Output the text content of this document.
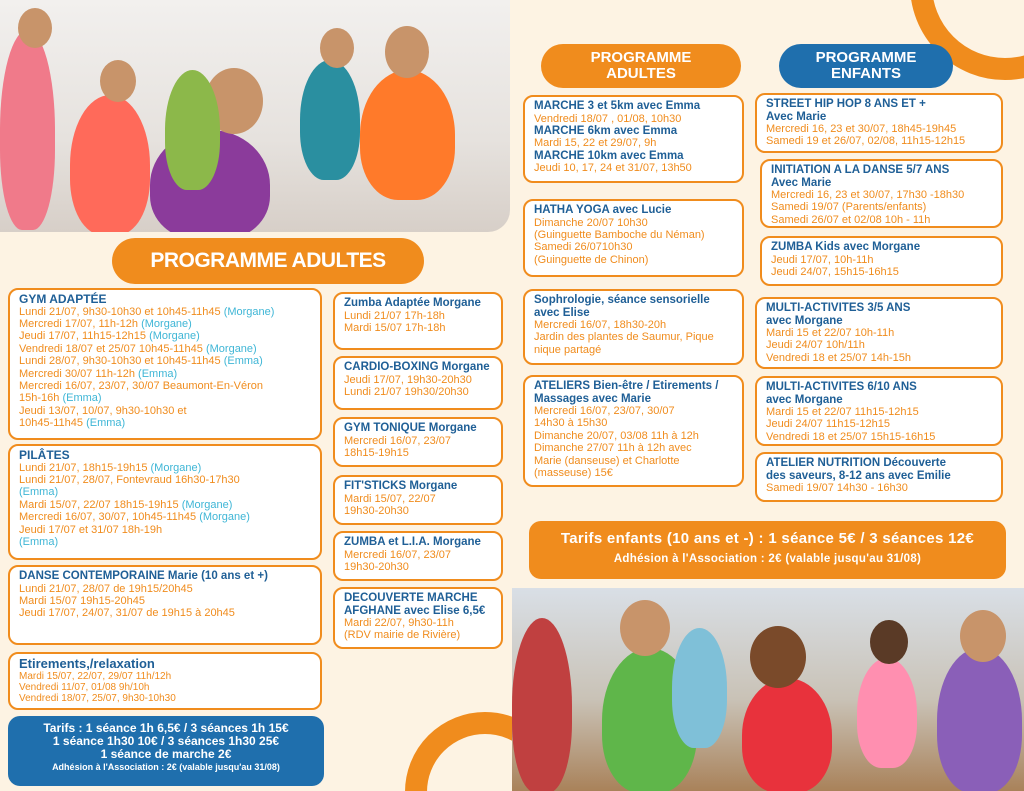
PROGRAMME ADULTES
PROGRAMME
ADULTES
PROGRAMME
ENFANTS
GYM ADAPTÉE
Lundi 21/07, 9h30-10h30 et 10h45-11h45 (Morgane)
Mercredi 17/07, 11h-12h (Morgane)
Jeudi 17/07, 11h15-12h15 (Morgane)
Vendredi 18/07 et 25/07 10h45-11h45 (Morgane)
Lundi 28/07, 9h30-10h30 et 10h45-11h45 (Emma)
Mercredi 30/07 11h-12h (Emma)
Mercredi 16/07, 23/07, 30/07 Beaumont-En-Véron
15h-16h (Emma)
Jeudi 13/07, 10/07, 9h30-10h30 et
10h45-11h45 (Emma)
PILÂTES
Lundi 21/07, 18h15-19h15 (Morgane)
Lundi 21/07, 28/07, Fontevraud 16h30-17h30
(Emma)
Mardi 15/07, 22/07 18h15-19h15 (Morgane)
Mercredi 16/07, 30/07, 10h45-11h45 (Morgane)
Jeudi 17/07 et 31/07 18h-19h
(Emma)
DANSE CONTEMPORAINE Marie (10 ans et +)
Lundi 21/07, 28/07 de 19h15/20h45
Mardi 15/07 19h15-20h45
Jeudi 17/07, 24/07, 31/07 de 19h15 à 20h45
Etirements,/relaxation
Mardi 15/07, 22/07, 29/07 11h/12h
Vendredi 11/07, 01/08 9h/10h
Vendredi 18/07, 25/07, 9h30-10h30
Tarifs : 1 séance 1h 6,5€ / 3 séances 1h 15€
1 séance 1h30 10€ / 3 séances 1h30 25€
1 séance de marche 2€
Adhésion à l'Association : 2€ (valable jusqu'au 31/08)
Zumba Adaptée Morgane
Lundi 21/07 17h-18h
Mardi 15/07 17h-18h
CARDIO-BOXING Morgane
Jeudi 17/07, 19h30-20h30
Lundi 21/07 19h30/20h30
GYM TONIQUE Morgane
Mercredi 16/07, 23/07
18h15-19h15
FIT'STICKS Morgane
Mardi 15/07, 22/07
19h30-20h30
ZUMBA et L.I.A. Morgane
Mercredi 16/07, 23/07
19h30-20h30
DECOUVERTE MARCHE
AFGHANE avec Elise 6,5€
Mardi 22/07, 9h30-11h
(RDV mairie de Rivière)
MARCHE 3 et 5km avec Emma
Vendredi 18/07 , 01/08, 10h30
MARCHE 6km avec Emma
Mardi 15, 22 et 29/07, 9h
MARCHE 10km avec Emma
Jeudi 10, 17, 24 et 31/07, 13h50
HATHA YOGA avec Lucie
Dimanche 20/07 10h30
(Guinguette Bamboche du Néman)
Samedi 26/0710h30
(Guinguette de Chinon)
Sophrologie, séance sensorielle
avec Elise
Mercredi 16/07, 18h30-20h
Jardin des plantes de Saumur, Pique
nique partagé
ATELIERS Bien-être / Etirements /
Massages avec Marie
Mercredi 16/07, 23/07, 30/07
14h30 à 15h30
Dimanche 20/07, 03/08 11h à 12h
Dimanche 27/07 11h à 12h avec
Marie (danseuse) et Charlotte
(masseuse) 15€
STREET HIP HOP 8 ANS ET +
Avec Marie
Mercredi 16, 23 et 30/07, 18h45-19h45
Samedi 19 et 26/07, 02/08, 11h15-12h15
INITIATION A LA DANSE 5/7 ANS
Avec Marie
Mercredi 16, 23 et 30/07, 17h30 -18h30
Samedi 19/07 (Parents/enfants)
Samedi 26/07 et 02/08 10h - 11h
ZUMBA Kids avec Morgane
Jeudi 17/07, 10h-11h
Jeudi 24/07, 15h15-16h15
MULTI-ACTIVITES 3/5 ANS
avec Morgane
Mardi 15 et 22/07 10h-11h
Jeudi 24/07 10h/11h
Vendredi 18 et 25/07 14h-15h
MULTI-ACTIVITES 6/10 ANS
avec Morgane
Mardi 15 et 22/07 11h15-12h15
Jeudi 24/07 11h15-12h15
Vendredi 18 et 25/07 15h15-16h15
ATELIER NUTRITION Découverte
des saveurs, 8-12 ans avec Emilie
Samedi 19/07 14h30 - 16h30
Tarifs enfants (10 ans et -) : 1 séance 5€ / 3 séances 12€
Adhésion à l'Association : 2€ (valable jusqu'au 31/08)
